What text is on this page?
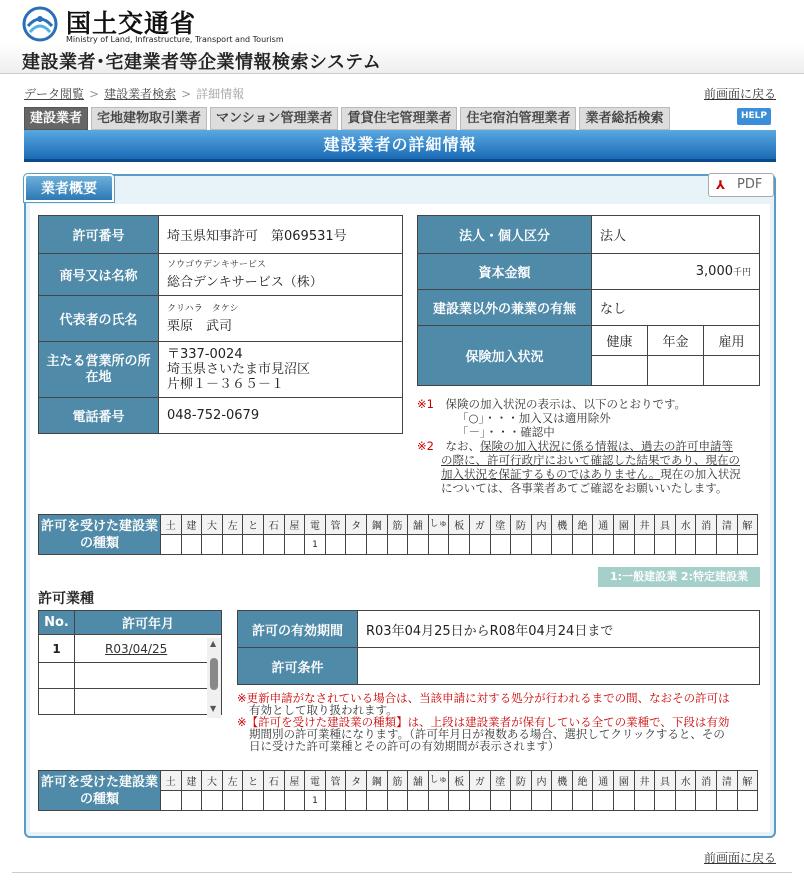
国土交通省
Ministry of Land, Infrastructure, Transport and Tourism
建設業者･宅建業者等企業情報検索システム
データ閲覧 > 建設業者検索 > 詳細情報	前画面に戻る
建設業者	宅地建物取引業者	マンション管理業者	賃貸住宅管理業者	住宅宿泊管理業者	業者総括検索	HELP
建設業者の詳細情報
業者概要	⅄ PDF
許可番号	埼玉県知事許可　第069531号
商号又は名称	ソウゴウデンキサービス
総合デンキサービス（株）

代表者の氏名	クリハラ　タケシ
栗原　武司

主たる営業所の所在地	〒337-0024
埼玉県さいたま市見沼区
片柳１－３６５－１

電話番号	048-752-0679
法人・個人区分	法人		
資本金額	3,000千円		
建設業以外の兼業の有無	なし		
保険加入状況	健康	年金	雇用

※1　 保険の加入状況の表示は、以下のとおりです。
「○」・・・加入又は適用除外
「－」・・・確認中
※2　 なお、保険の加入状況に係る情報は、過去の許可申請等
の際に、許可行政庁において確認した結果であり、現在の
加入状況を保証するものではありません。現在の加入状況
については、各事業者あてご確認をお願いいたします。
許可を受けた建設業の種類	土	建	大	左	と	石	屋	電	管	タ	鋼	筋	舗	しゅ	板	ガ	塗	防	内	機	絶	通	園	井	具	水	消	清	解
								1																					
1:一般建設業 2:特定建設業
許可業種
No.	許可年月
1	R03/04/25

		▲
▼
許可の有効期間	R03年04月25日からR08年04月24日まで
許可条件	
※更新申請がなされている場合は、当該申請に対する処分が行われるまでの間、なおその許可は
有効として取り扱われます。
※【許可を受けた建設業の種類】は、上段は建設業者が保有している全ての業種で、下段は有効
期間別の許可業種になります。（許可年月日が複数ある場合、選択してクリックすると、その
日に受けた許可業種とその許可の有効期間が表示されます）
許可を受けた建設業の種類	土	建	大	左	と	石	屋	電	管	タ	鋼	筋	舗	しゅ	板	ガ	塗	防	内	機	絶	通	園	井	具	水	消	清	解
								1																					
前画面に戻る
